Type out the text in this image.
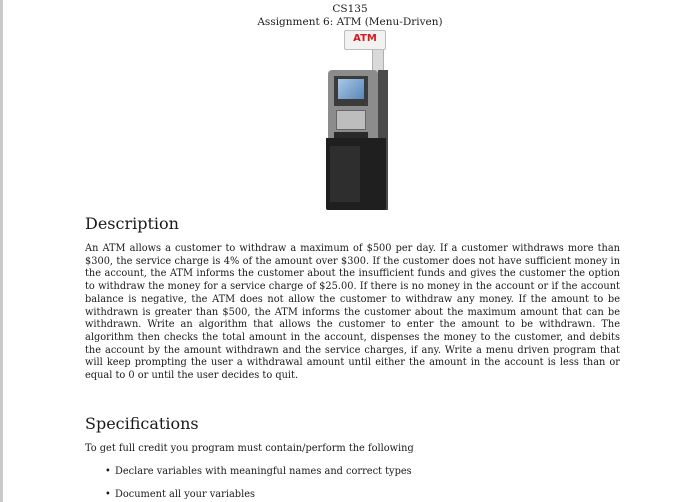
CS135
Assignment 6: ATM (Menu-Driven)
ATM
Description

An ATM allows a customer to withdraw a maximum of $500 per day. If a customer withdraws more than $300, the service charge is 4% of the amount over $300. If the customer does not have sufficient money in the account, the ATM informs the customer about the insufficient funds and gives the customer the option to withdraw the money for a service charge of $25.00. If there is no money in the account or if the account balance is negative, the ATM does not allow the customer to withdraw any money. If the amount to be withdrawn is greater than $500, the ATM informs the customer about the maximum amount that can be withdrawn. Write an algorithm that allows the customer to enter the amount to be withdrawn. The algorithm then checks the total amount in the account, dispenses the money to the customer, and debits the account by the amount withdrawn and the service charges, if any. Write a menu driven program that will keep prompting the user a withdrawal amount until either the amount in the account is less than or equal to 0 or until the user decides to quit.

Specifications
To get full credit you program must contain/perform the following
• Declare variables with meaningful names and correct types
• Document all your variables
